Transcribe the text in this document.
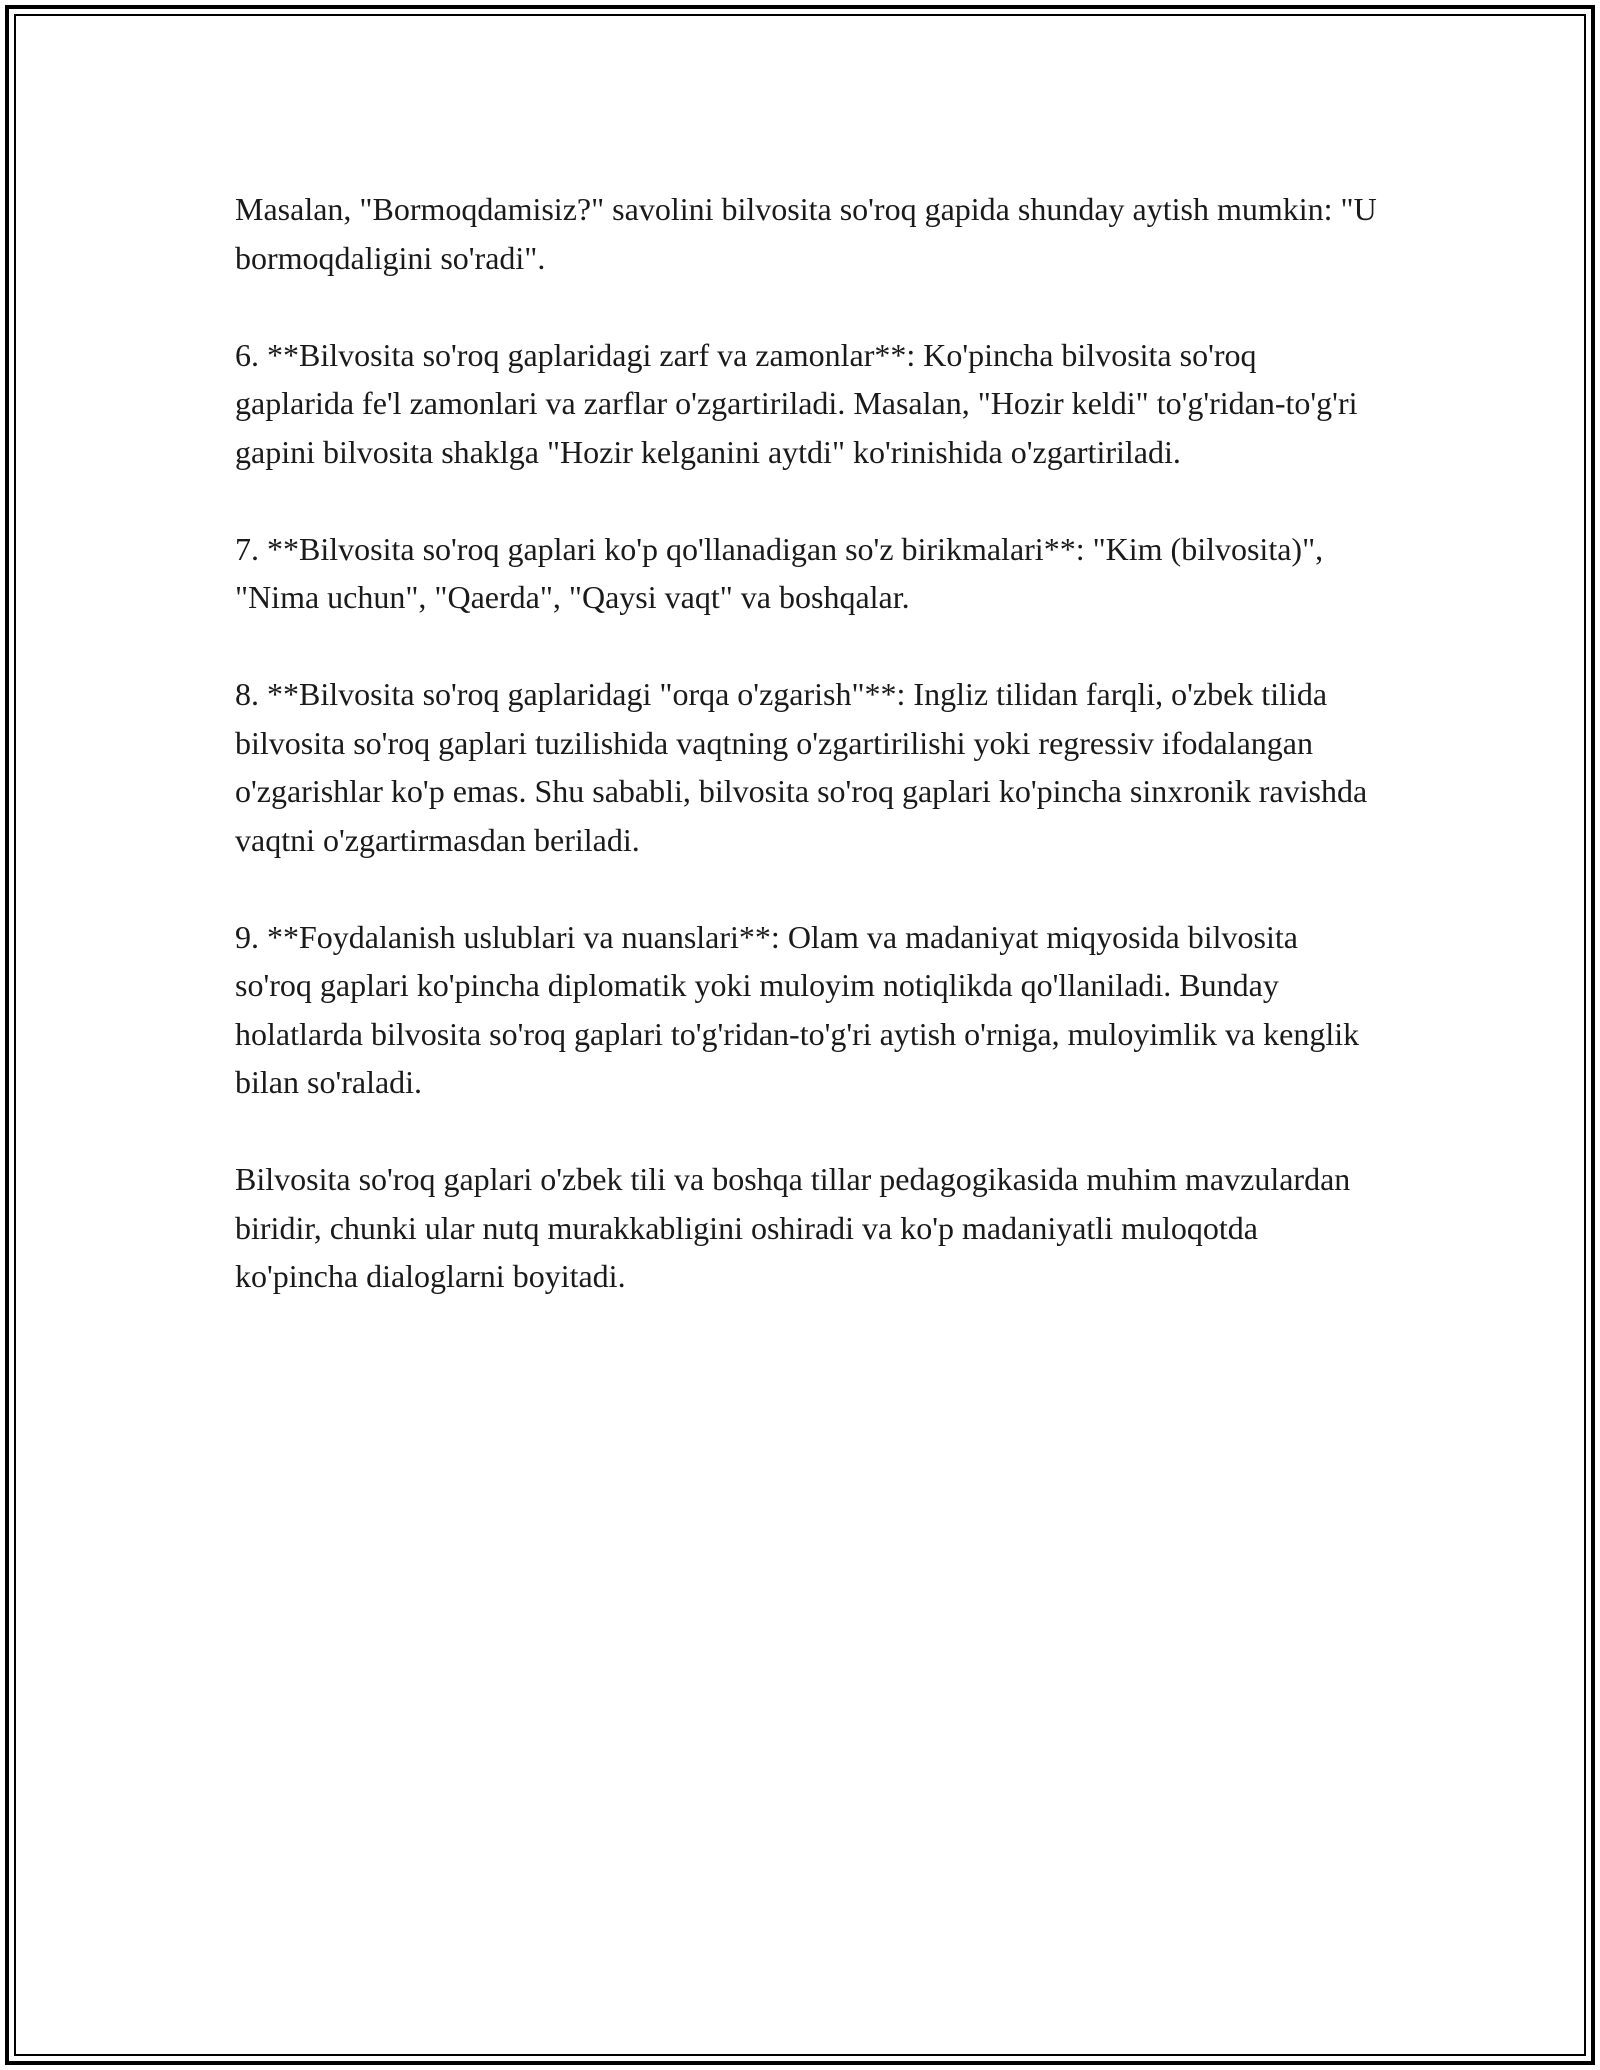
Masalan, "Bormoqdamisiz?" savolini bilvosita so'roq gapida shunday aytish mumkin: "U bormoqdaligini so'radi".

6. **Bilvosita so'roq gaplaridagi zarf va zamonlar**: Ko'pincha bilvosita so'roq gaplarida fe'l zamonlari va zarflar o'zgartiriladi. Masalan, "Hozir keldi" to'g'ridan-to'g'ri gapini bilvosita shaklga "Hozir kelganini aytdi" ko'rinishida o'zgartiriladi.

7. **Bilvosita so'roq gaplari ko'p qo'llanadigan so'z birikmalari**: "Kim (bilvosita)", "Nima uchun", "Qaerda", "Qaysi vaqt" va boshqalar.

8. **Bilvosita so'roq gaplaridagi "orqa o'zgarish"**: Ingliz tilidan farqli, o'zbek tilida bilvosita so'roq gaplari tuzilishida vaqtning o'zgartirilishi yoki regressiv ifodalangan o'zgarishlar ko'p emas. Shu sababli, bilvosita so'roq gaplari ko'pincha sinxronik ravishda vaqtni o'zgartirmasdan beriladi.

9. **Foydalanish uslublari va nuanslari**: Olam va madaniyat miqyosida bilvosita so'roq gaplari ko'pincha diplomatik yoki muloyim notiqlikda qo'llaniladi. Bunday holatlarda bilvosita so'roq gaplari to'g'ridan-to'g'ri aytish o'rniga, muloyimlik va kenglik bilan so'raladi.

Bilvosita so'roq gaplari o'zbek tili va boshqa tillar pedagogikasida muhim mavzulardan biridir, chunki ular nutq murakkabligini oshiradi va ko'p madaniyatli muloqotda ko'pincha dialoglarni boyitadi.
